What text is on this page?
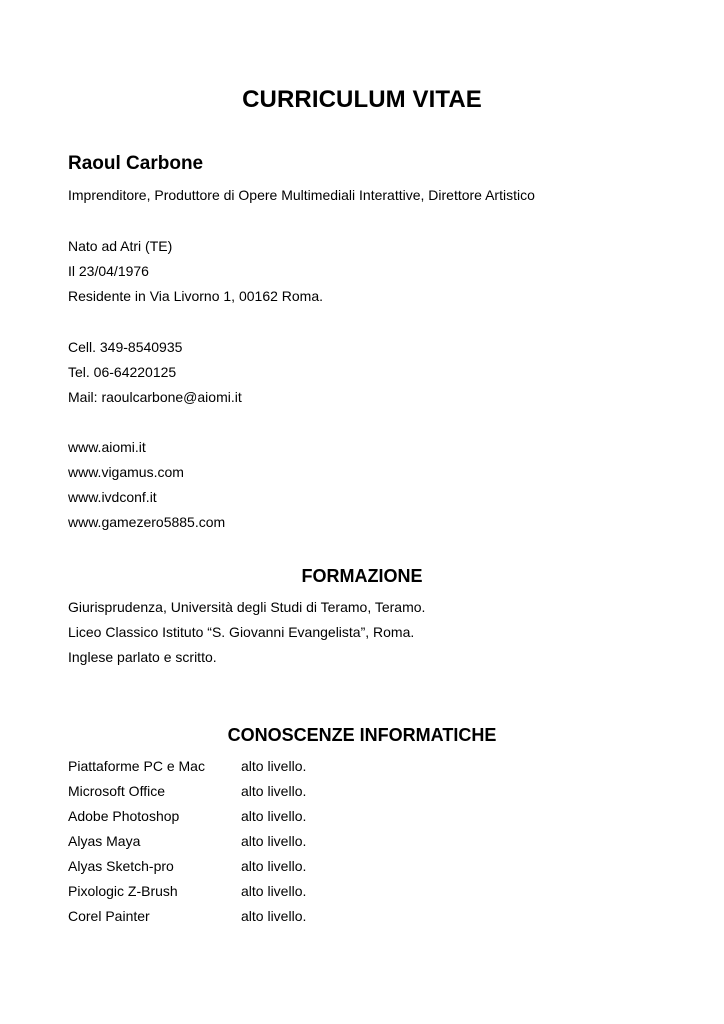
CURRICULUM VITAE
Raoul Carbone
Imprenditore, Produttore di Opere Multimediali Interattive, Direttore Artistico
Nato ad Atri (TE)
Il 23/04/1976
Residente in Via Livorno 1, 00162 Roma.
Cell. 349-8540935
Tel. 06-64220125
Mail: raoulcarbone@aiomi.it
www.aiomi.it
www.vigamus.com
www.ivdconf.it
www.gamezero5885.com
FORMAZIONE
Giurisprudenza, Università degli Studi di Teramo, Teramo.
Liceo Classico Istituto “S. Giovanni Evangelista”, Roma.
Inglese parlato e scritto.
CONOSCENZE INFORMATICHE
Piattaforme PC e Mac	alto livello.
Microsoft Office	alto livello.
Adobe Photoshop	alto livello.
Alyas Maya	alto livello.
Alyas Sketch-pro	alto livello.
Pixologic Z-Brush	alto livello.
Corel Painter	alto livello.
